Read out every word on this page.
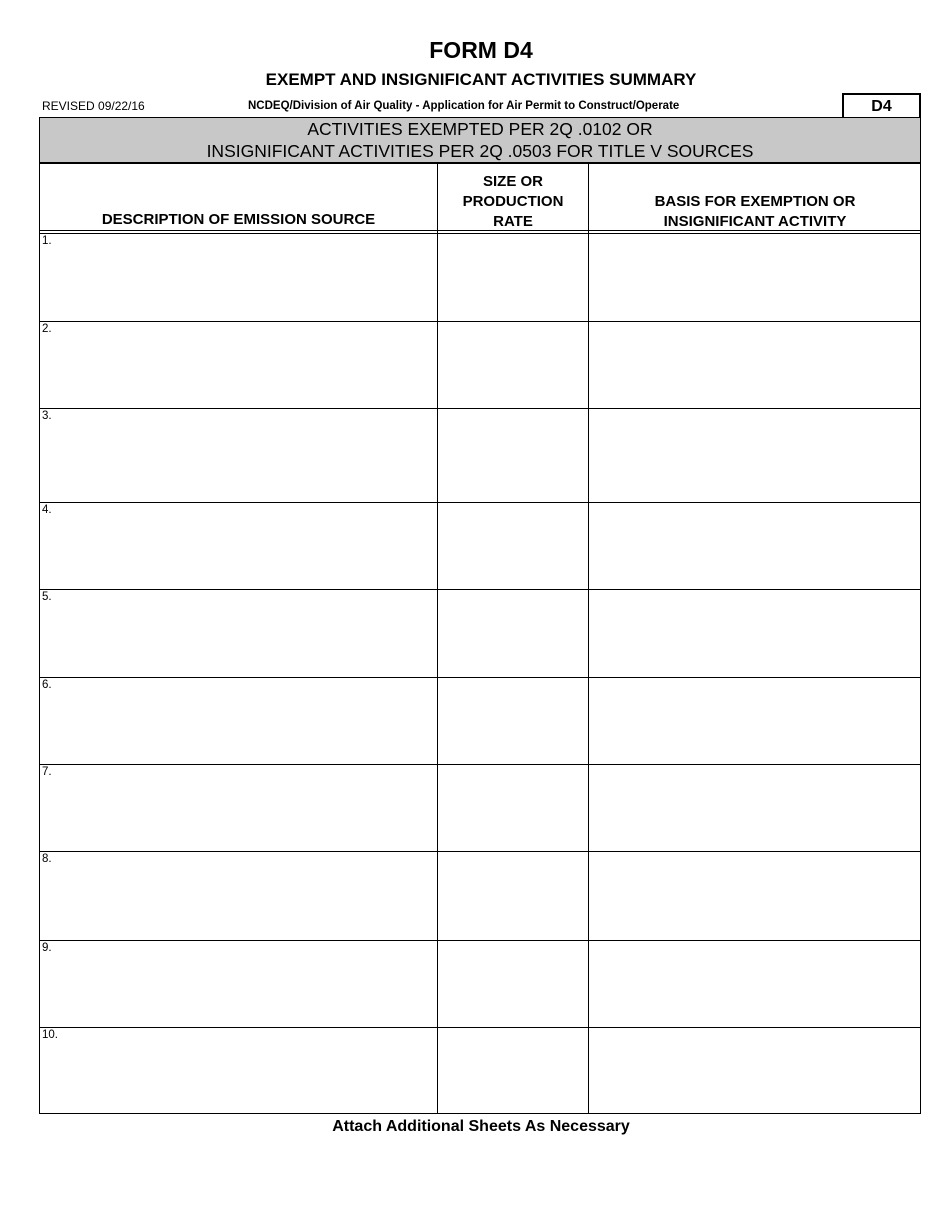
FORM D4
EXEMPT AND INSIGNIFICANT ACTIVITIES SUMMARY
REVISED 09/22/16	NCDEQ/Division of Air Quality - Application for Air Permit to Construct/Operate	D4
ACTIVITIES EXEMPTED PER 2Q .0102 OR
INSIGNIFICANT ACTIVITIES PER 2Q .0503 FOR TITLE V SOURCES
DESCRIPTION OF EMISSION SOURCE
SIZE OR PRODUCTION RATE
BASIS FOR EXEMPTION OR INSIGNIFICANT ACTIVITY
1.
2.
3.
4.
5.
6.
7.
8.
9.
10.
Attach Additional Sheets As Necessary
